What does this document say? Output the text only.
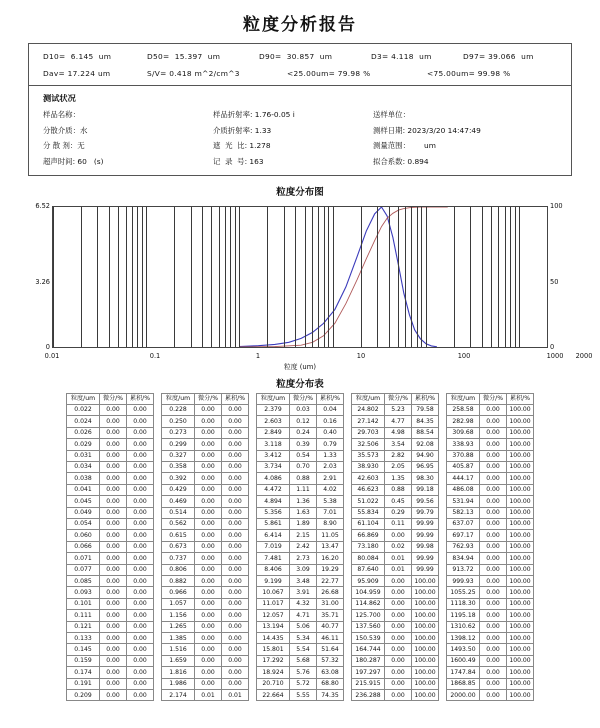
粒度分析报告
D10=  6.145  um	D50=  15.397  um	D90=  30.857  um	D3= 4.118  um	D97= 39.066  um
Dav= 17.224 um	S/V= 0.418 m^2/cm^3	<25.00um= 79.98 %	<75.00um= 99.98 %
测试状况
样品名称：	样品折射率: 1.76-0.05 i	送样单位：
分散介质：水	介质折射率: 1.33	测样日期: 2023/3/20 14:47:49
分 散 剂：无	遮  光  比: 1.278	测量范围：      um
超声时间: 60   (s)	记  录  号: 163	拟合系数: 0.894
粒度分布图
6.52
3.26
0
100
50
0
0.01	0.1	1	10	100	1000 2000
粒度 (um)
粒度分布表
粒度/um	微分/%	累积/%
0.022	0.00	0.00
0.024	0.00	0.00
0.026	0.00	0.00
0.029	0.00	0.00
0.031	0.00	0.00
0.034	0.00	0.00
0.038	0.00	0.00
0.041	0.00	0.00
0.045	0.00	0.00
0.049	0.00	0.00
0.054	0.00	0.00
0.060	0.00	0.00
0.066	0.00	0.00
0.071	0.00	0.00
0.077	0.00	0.00
0.085	0.00	0.00
0.093	0.00	0.00
0.101	0.00	0.00
0.111	0.00	0.00
0.121	0.00	0.00
0.133	0.00	0.00
0.145	0.00	0.00
0.159	0.00	0.00
0.174	0.00	0.00
0.191	0.00	0.00
0.209	0.00	0.00
粒度/um	微分/%	累积/%
0.228	0.00	0.00
0.250	0.00	0.00
0.273	0.00	0.00
0.299	0.00	0.00
0.327	0.00	0.00
0.358	0.00	0.00
0.392	0.00	0.00
0.429	0.00	0.00
0.469	0.00	0.00
0.514	0.00	0.00
0.562	0.00	0.00
0.615	0.00	0.00
0.673	0.00	0.00
0.737	0.00	0.00
0.806	0.00	0.00
0.882	0.00	0.00
0.966	0.00	0.00
1.057	0.00	0.00
1.156	0.00	0.00
1.265	0.00	0.00
1.385	0.00	0.00
1.516	0.00	0.00
1.659	0.00	0.00
1.816	0.00	0.00
1.986	0.00	0.00
2.174	0.01	0.01
粒度/um	微分/%	累积/%
2.379	0.03	0.04
2.603	0.12	0.16
2.849	0.24	0.40
3.118	0.39	0.79
3.412	0.54	1.33
3.734	0.70	2.03
4.086	0.88	2.91
4.472	1.11	4.02
4.894	1.36	5.38
5.356	1.63	7.01
5.861	1.89	8.90
6.414	2.15	11.05
7.019	2.42	13.47
7.481	2.73	16.20
8.406	3.09	19.29
9.199	3.48	22.77
10.067	3.91	26.68
11.017	4.32	31.00
12.057	4.71	35.71
13.194	5.06	40.77
14.435	5.34	46.11
15.801	5.54	51.64
17.292	5.68	57.32
18.924	5.76	63.08
20.710	5.72	68.80
22.664	5.55	74.35
粒度/um	微分/%	累积/%
24.802	5.23	79.58
27.142	4.77	84.35
29.703	4.98	88.54
32.506	3.54	92.08
35.573	2.82	94.90
38.930	2.05	96.95
42.603	1.35	98.30
46.623	0.88	99.18
51.022	0.45	99.56
55.834	0.29	99.79
61.104	0.11	99.99
66.869	0.00	99.99
73.180	0.02	99.98
80.084	0.01	99.99
87.640	0.01	99.99
95.909	0.00	100.00
104.959	0.00	100.00
114.862	0.00	100.00
125.700	0.00	100.00
137.560	0.00	100.00
150.539	0.00	100.00
164.744	0.00	100.00
180.287	0.00	100.00
197.297	0.00	100.00
215.915	0.00	100.00
236.288	0.00	100.00
粒度/um	微分/%	累积/%
258.58	0.00	100.00
282.98	0.00	100.00
309.68	0.00	100.00
338.93	0.00	100.00
370.88	0.00	100.00
405.87	0.00	100.00
444.17	0.00	100.00
486.08	0.00	100.00
531.94	0.00	100.00
582.13	0.00	100.00
637.07	0.00	100.00
697.17	0.00	100.00
762.93	0.00	100.00
834.94	0.00	100.00
913.72	0.00	100.00
999.93	0.00	100.00
1055.25	0.00	100.00
1118.30	0.00	100.00
1195.18	0.00	100.00
1310.62	0.00	100.00
1398.12	0.00	100.00
1493.50	0.00	100.00
1600.49	0.00	100.00
1747.84	0.00	100.00
1868.85	0.00	100.00
2000.00	0.00	100.00
